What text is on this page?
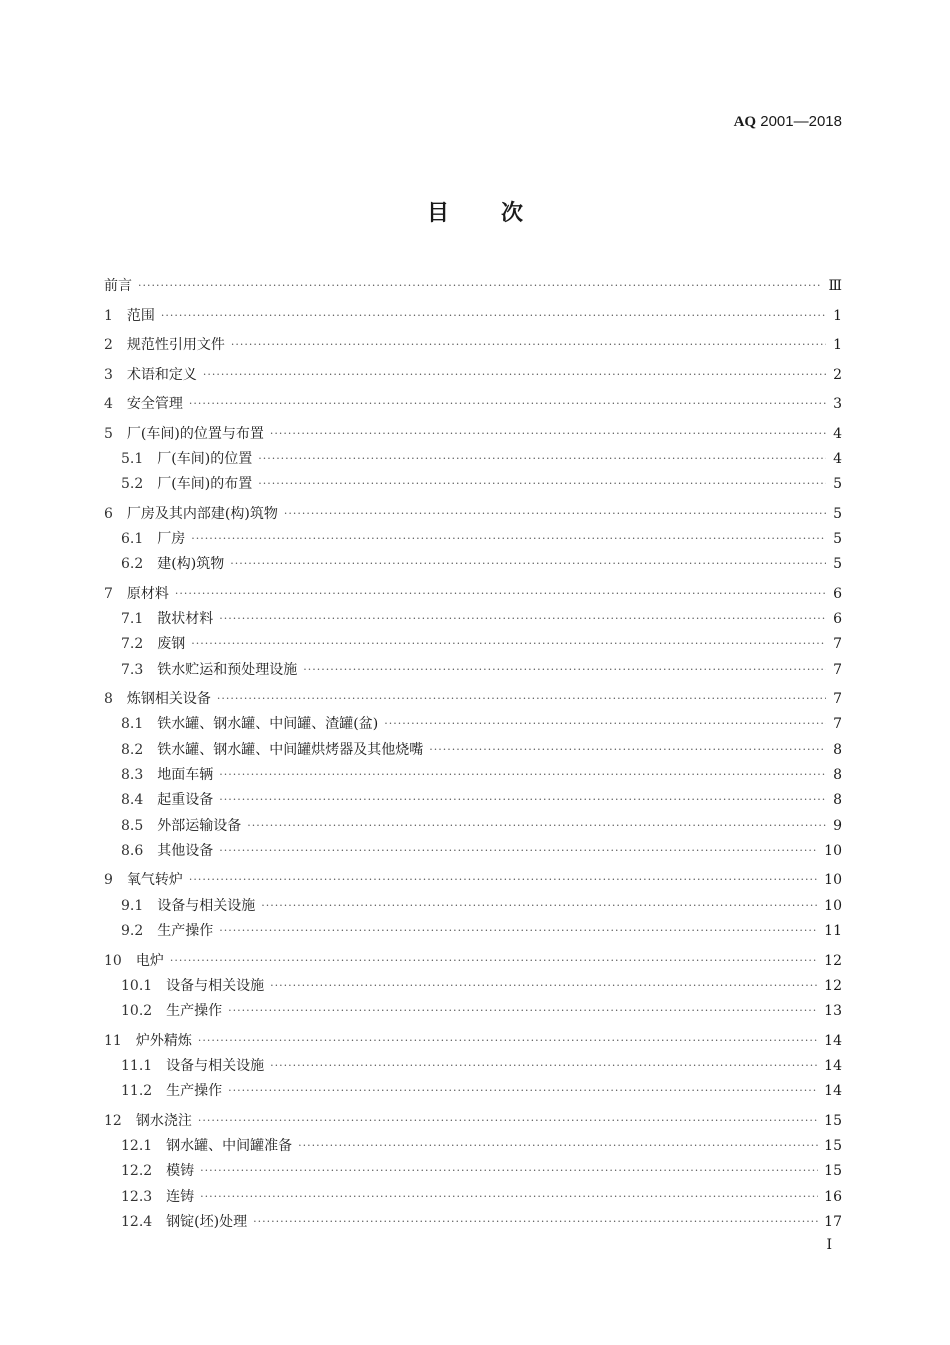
AQ 2001—2018
目次
前言 ·····	Ⅲ
1 范围 ·····	1
2 规范性引用文件 ·····	1
3 术语和定义 ·····	2
4 安全管理 ·····	3
5 厂(车间)的位置与布置 ·····	4
5.1 厂(车间)的位置 ·····	4
5.2 厂(车间)的布置 ·····	5
6 厂房及其内部建(构)筑物 ·····	5
6.1 厂房 ·····	5
6.2 建(构)筑物 ·····	5
7 原材料 ·····	6
7.1 散状材料 ·····	6
7.2 废钢 ·····	7
7.3 铁水贮运和预处理设施 ·····	7
8 炼钢相关设备 ·····	7
8.1 铁水罐、钢水罐、中间罐、渣罐(盆) ·····	7
8.2 铁水罐、钢水罐、中间罐烘烤器及其他烧嘴 ·····	8
8.3 地面车辆 ·····	8
8.4 起重设备 ·····	8
8.5 外部运输设备 ·····	9
8.6 其他设备 ·····	10
9 氧气转炉 ·····	10
9.1 设备与相关设施 ·····	10
9.2 生产操作 ·····	11
10 电炉 ·····	12
10.1 设备与相关设施 ·····	12
10.2 生产操作 ·····	13
11 炉外精炼 ·····	14
11.1 设备与相关设施 ·····	14
11.2 生产操作 ·····	14
12 钢水浇注 ·····	15
12.1 钢水罐、中间罐准备 ·····	15
12.2 模铸 ·····	15
12.3 连铸 ·····	16
12.4 钢锭(坯)处理 ·····	17
I
